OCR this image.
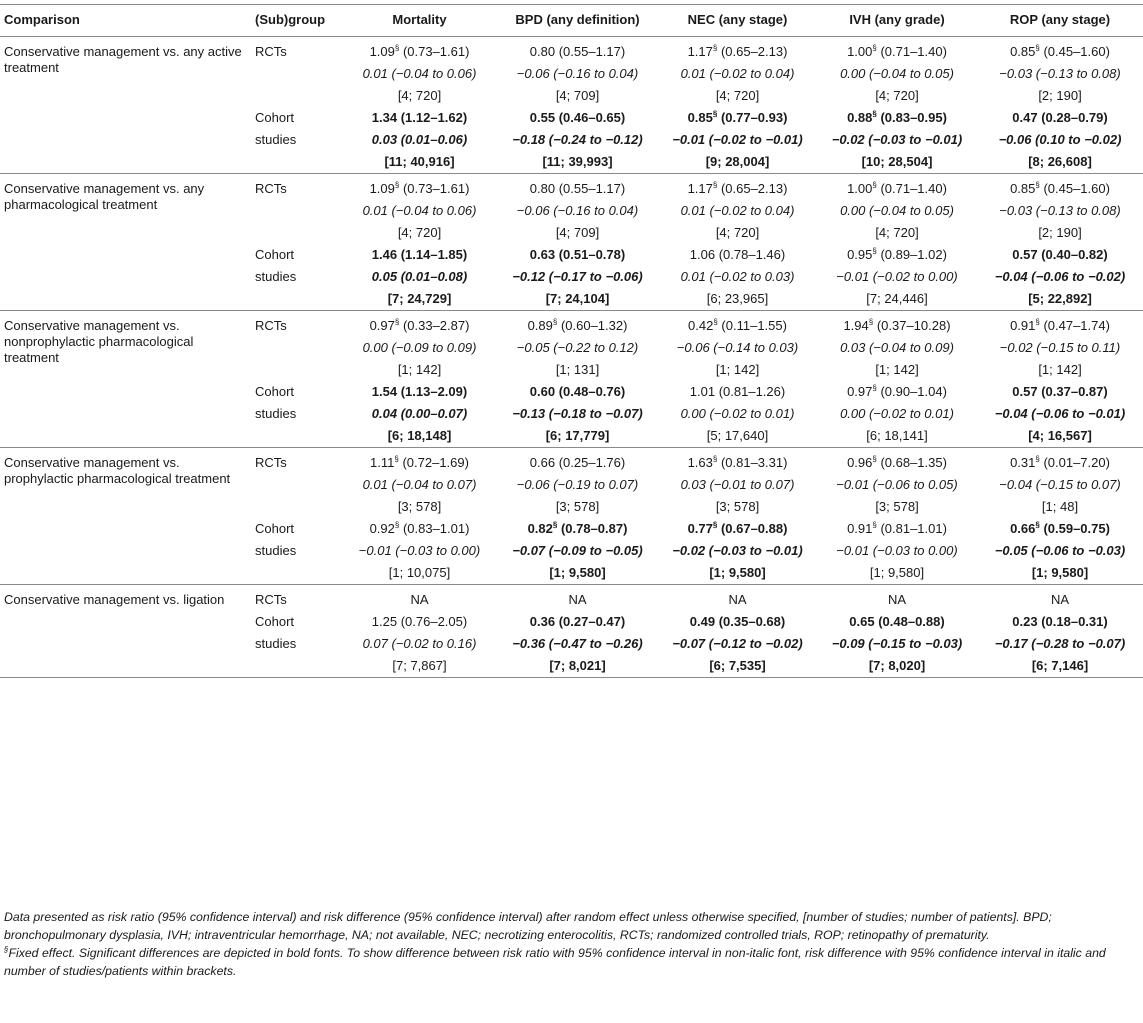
Comparison	(Sub)group	Mortality	BPD (any definition)	NEC (any stage)	IVH (any grade)	ROP (any stage)
Conservative management vs. any active treatment	RCTs	1.09§ (0.73–1.61)	0.80 (0.55–1.17)	1.17§ (0.65–2.13)	1.00§ (0.71–1.40)	0.85§ (0.45–1.60)
		0.01 (−0.04 to 0.06)	−0.06 (−0.16 to 0.04)	0.01 (−0.02 to 0.04)	0.00 (−0.04 to 0.05)	−0.03 (−0.13 to 0.08)
		[4; 720]	[4; 709]	[4; 720]	[4; 720]	[2; 190]
	Cohort	1.34 (1.12–1.62)	0.55 (0.46–0.65)	0.85§ (0.77–0.93)	0.88§ (0.83–0.95)	0.47 (0.28–0.79)
	studies	0.03 (0.01–0.06)	−0.18 (−0.24 to −0.12)	−0.01 (−0.02 to −0.01)	−0.02 (−0.03 to −0.01)	−0.06 (0.10 to −0.02)
		[11; 40,916]	[11; 39,993]	[9; 28,004]	[10; 28,504]	[8; 26,608]
Conservative management vs. any pharmacological treatment	RCTs	1.09§ (0.73–1.61)	0.80 (0.55–1.17)	1.17§ (0.65–2.13)	1.00§ (0.71–1.40)	0.85§ (0.45–1.60)
		0.01 (−0.04 to 0.06)	−0.06 (−0.16 to 0.04)	0.01 (−0.02 to 0.04)	0.00 (−0.04 to 0.05)	−0.03 (−0.13 to 0.08)
		[4; 720]	[4; 709]	[4; 720]	[4; 720]	[2; 190]
	Cohort	1.46 (1.14–1.85)	0.63 (0.51–0.78)	1.06 (0.78–1.46)	0.95§ (0.89–1.02)	0.57 (0.40–0.82)
	studies	0.05 (0.01–0.08)	−0.12 (−0.17 to −0.06)	0.01 (−0.02 to 0.03)	−0.01 (−0.02 to 0.00)	−0.04 (−0.06 to −0.02)
		[7; 24,729]	[7; 24,104]	[6; 23,965]	[7; 24,446]	[5; 22,892]
Conservative management vs. nonprophylactic pharmacological treatment	RCTs	0.97§ (0.33–2.87)	0.89§ (0.60–1.32)	0.42§ (0.11–1.55)	1.94§ (0.37–10.28)	0.91§ (0.47–1.74)
		0.00 (−0.09 to 0.09)	−0.05 (−0.22 to 0.12)	−0.06 (−0.14 to 0.03)	0.03 (−0.04 to 0.09)	−0.02 (−0.15 to 0.11)
		[1; 142]	[1; 131]	[1; 142]	[1; 142]	[1; 142]
	Cohort	1.54 (1.13–2.09)	0.60 (0.48–0.76)	1.01 (0.81–1.26)	0.97§ (0.90–1.04)	0.57 (0.37–0.87)
	studies	0.04 (0.00–0.07)	−0.13 (−0.18 to −0.07)	0.00 (−0.02 to 0.01)	0.00 (−0.02 to 0.01)	−0.04 (−0.06 to −0.01)
		[6; 18,148]	[6; 17,779]	[5; 17,640]	[6; 18,141]	[4; 16,567]
Conservative management vs. prophylactic pharmacological treatment	RCTs	1.11§ (0.72–1.69)	0.66 (0.25–1.76)	1.63§ (0.81–3.31)	0.96§ (0.68–1.35)	0.31§ (0.01–7.20)
		0.01 (−0.04 to 0.07)	−0.06 (−0.19 to 0.07)	0.03 (−0.01 to 0.07)	−0.01 (−0.06 to 0.05)	−0.04 (−0.15 to 0.07)
		[3; 578]	[3; 578]	[3; 578]	[3; 578]	[1; 48]
	Cohort	0.92§ (0.83–1.01)	0.82§ (0.78–0.87)	0.77§ (0.67–0.88)	0.91§ (0.81–1.01)	0.66§ (0.59–0.75)
	studies	−0.01 (−0.03 to 0.00)	−0.07 (−0.09 to −0.05)	−0.02 (−0.03 to −0.01)	−0.01 (−0.03 to 0.00)	−0.05 (−0.06 to −0.03)
		[1; 10,075]	[1; 9,580]	[1; 9,580]	[1; 9,580]	[1; 9,580]
Conservative management vs. ligation	RCTs	NA	NA	NA	NA	NA
	Cohort	1.25 (0.76–2.05)	0.36 (0.27–0.47)	0.49 (0.35–0.68)	0.65 (0.48–0.88)	0.23 (0.18–0.31)
	studies	0.07 (−0.02 to 0.16)	−0.36 (−0.47 to −0.26)	−0.07 (−0.12 to −0.02)	−0.09 (−0.15 to −0.03)	−0.17 (−0.28 to −0.07)
		[7; 7,867]	[7; 8,021]	[6; 7,535]	[7; 8,020]	[6; 7,146]

Data presented as risk ratio (95% confidence interval) and risk difference (95% confidence interval) after random effect unless otherwise specified, [number of studies; number of patients]. BPD; bronchopulmonary dysplasia, IVH; intraventricular hemorrhage, NA; not available, NEC; necrotizing enterocolitis, RCTs; randomized controlled trials, ROP; retinopathy of prematurity.

§Fixed effect. Significant differences are depicted in bold fonts. To show difference between risk ratio with 95% confidence interval in non-italic font, risk difference with 95% confidence interval in italic and number of studies/patients within brackets.
